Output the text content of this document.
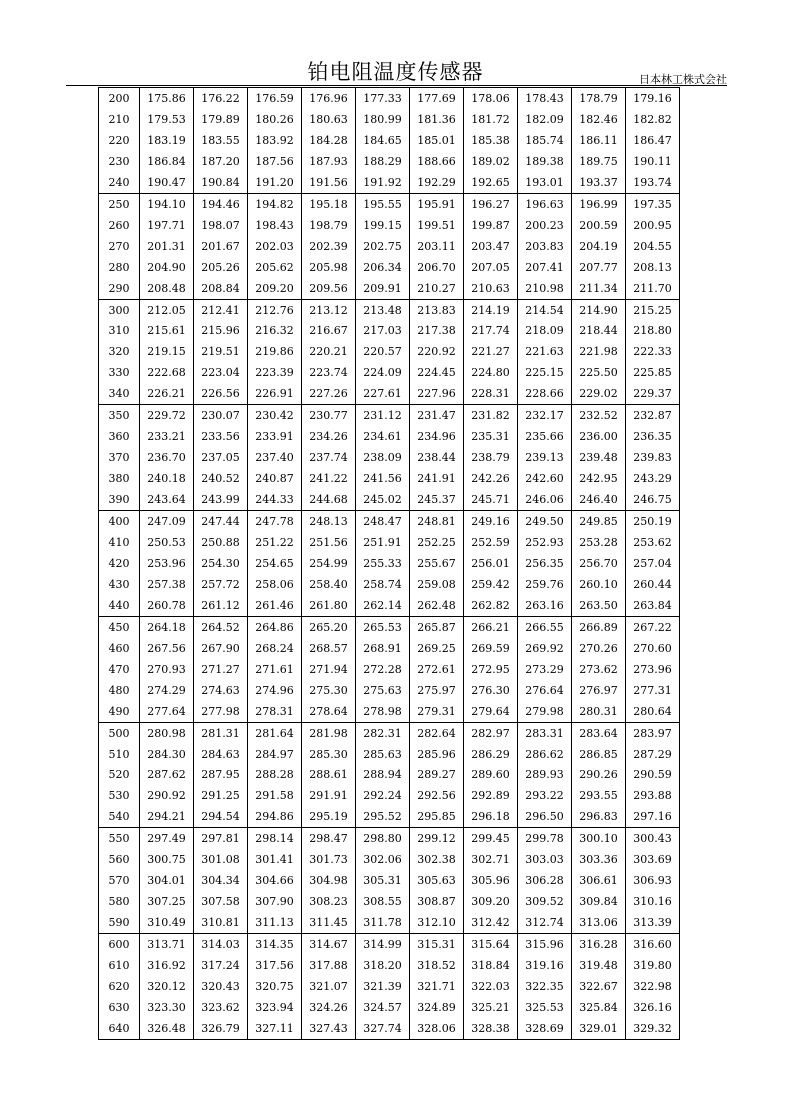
铂电阻温度传感器	日本林工株式会社
200	175.86	176.22	176.59	176.96	177.33	177.69	178.06	178.43	178.79	179.16
210	179.53	179.89	180.26	180.63	180.99	181.36	181.72	182.09	182.46	182.82
220	183.19	183.55	183.92	184.28	184.65	185.01	185.38	185.74	186.11	186.47
230	186.84	187.20	187.56	187.93	188.29	188.66	189.02	189.38	189.75	190.11
240	190.47	190.84	191.20	191.56	191.92	192.29	192.65	193.01	193.37	193.74
250	194.10	194.46	194.82	195.18	195.55	195.91	196.27	196.63	196.99	197.35
260	197.71	198.07	198.43	198.79	199.15	199.51	199.87	200.23	200.59	200.95
270	201.31	201.67	202.03	202.39	202.75	203.11	203.47	203.83	204.19	204.55
280	204.90	205.26	205.62	205.98	206.34	206.70	207.05	207.41	207.77	208.13
290	208.48	208.84	209.20	209.56	209.91	210.27	210.63	210.98	211.34	211.70
300	212.05	212.41	212.76	213.12	213.48	213.83	214.19	214.54	214.90	215.25
310	215.61	215.96	216.32	216.67	217.03	217.38	217.74	218.09	218.44	218.80
320	219.15	219.51	219.86	220.21	220.57	220.92	221.27	221.63	221.98	222.33
330	222.68	223.04	223.39	223.74	224.09	224.45	224.80	225.15	225.50	225.85
340	226.21	226.56	226.91	227.26	227.61	227.96	228.31	228.66	229.02	229.37
350	229.72	230.07	230.42	230.77	231.12	231.47	231.82	232.17	232.52	232.87
360	233.21	233.56	233.91	234.26	234.61	234.96	235.31	235.66	236.00	236.35
370	236.70	237.05	237.40	237.74	238.09	238.44	238.79	239.13	239.48	239.83
380	240.18	240.52	240.87	241.22	241.56	241.91	242.26	242.60	242.95	243.29
390	243.64	243.99	244.33	244.68	245.02	245.37	245.71	246.06	246.40	246.75
400	247.09	247.44	247.78	248.13	248.47	248.81	249.16	249.50	249.85	250.19
410	250.53	250.88	251.22	251.56	251.91	252.25	252.59	252.93	253.28	253.62
420	253.96	254.30	254.65	254.99	255.33	255.67	256.01	256.35	256.70	257.04
430	257.38	257.72	258.06	258.40	258.74	259.08	259.42	259.76	260.10	260.44
440	260.78	261.12	261.46	261.80	262.14	262.48	262.82	263.16	263.50	263.84
450	264.18	264.52	264.86	265.20	265.53	265.87	266.21	266.55	266.89	267.22
460	267.56	267.90	268.24	268.57	268.91	269.25	269.59	269.92	270.26	270.60
470	270.93	271.27	271.61	271.94	272.28	272.61	272.95	273.29	273.62	273.96
480	274.29	274.63	274.96	275.30	275.63	275.97	276.30	276.64	276.97	277.31
490	277.64	277.98	278.31	278.64	278.98	279.31	279.64	279.98	280.31	280.64
500	280.98	281.31	281.64	281.98	282.31	282.64	282.97	283.31	283.64	283.97
510	284.30	284.63	284.97	285.30	285.63	285.96	286.29	286.62	286.85	287.29
520	287.62	287.95	288.28	288.61	288.94	289.27	289.60	289.93	290.26	290.59
530	290.92	291.25	291.58	291.91	292.24	292.56	292.89	293.22	293.55	293.88
540	294.21	294.54	294.86	295.19	295.52	295.85	296.18	296.50	296.83	297.16
550	297.49	297.81	298.14	298.47	298.80	299.12	299.45	299.78	300.10	300.43
560	300.75	301.08	301.41	301.73	302.06	302.38	302.71	303.03	303.36	303.69
570	304.01	304.34	304.66	304.98	305.31	305.63	305.96	306.28	306.61	306.93
580	307.25	307.58	307.90	308.23	308.55	308.87	309.20	309.52	309.84	310.16
590	310.49	310.81	311.13	311.45	311.78	312.10	312.42	312.74	313.06	313.39
600	313.71	314.03	314.35	314.67	314.99	315.31	315.64	315.96	316.28	316.60
610	316.92	317.24	317.56	317.88	318.20	318.52	318.84	319.16	319.48	319.80
620	320.12	320.43	320.75	321.07	321.39	321.71	322.03	322.35	322.67	322.98
630	323.30	323.62	323.94	324.26	324.57	324.89	325.21	325.53	325.84	326.16
640	326.48	326.79	327.11	327.43	327.74	328.06	328.38	328.69	329.01	329.32
